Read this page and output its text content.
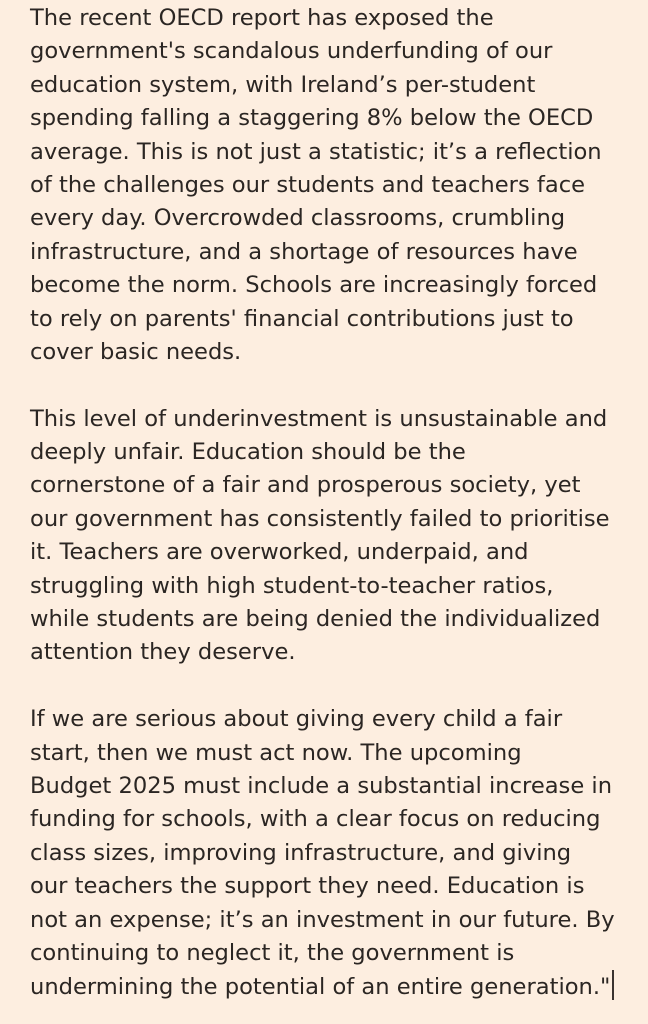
The recent OECD report has exposed the
government's scandalous underfunding of our
education system, with Ireland’s per-student
spending falling a staggering 8% below the OECD
average. This is not just a statistic; it’s a reflection
of the challenges our students and teachers face
every day. Overcrowded classrooms, crumbling
infrastructure, and a shortage of resources have
become the norm. Schools are increasingly forced
to rely on parents' financial contributions just to
cover basic needs.
This level of underinvestment is unsustainable and
deeply unfair. Education should be the
cornerstone of a fair and prosperous society, yet
our government has consistently failed to prioritise
it. Teachers are overworked, underpaid, and
struggling with high student-to-teacher ratios,
while students are being denied the individualized
attention they deserve.
If we are serious about giving every child a fair
start, then we must act now. The upcoming
Budget 2025 must include a substantial increase in
funding for schools, with a clear focus on reducing
class sizes, improving infrastructure, and giving
our teachers the support they need. Education is
not an expense; it’s an investment in our future. By
continuing to neglect it, the government is
undermining the potential of an entire generation."
